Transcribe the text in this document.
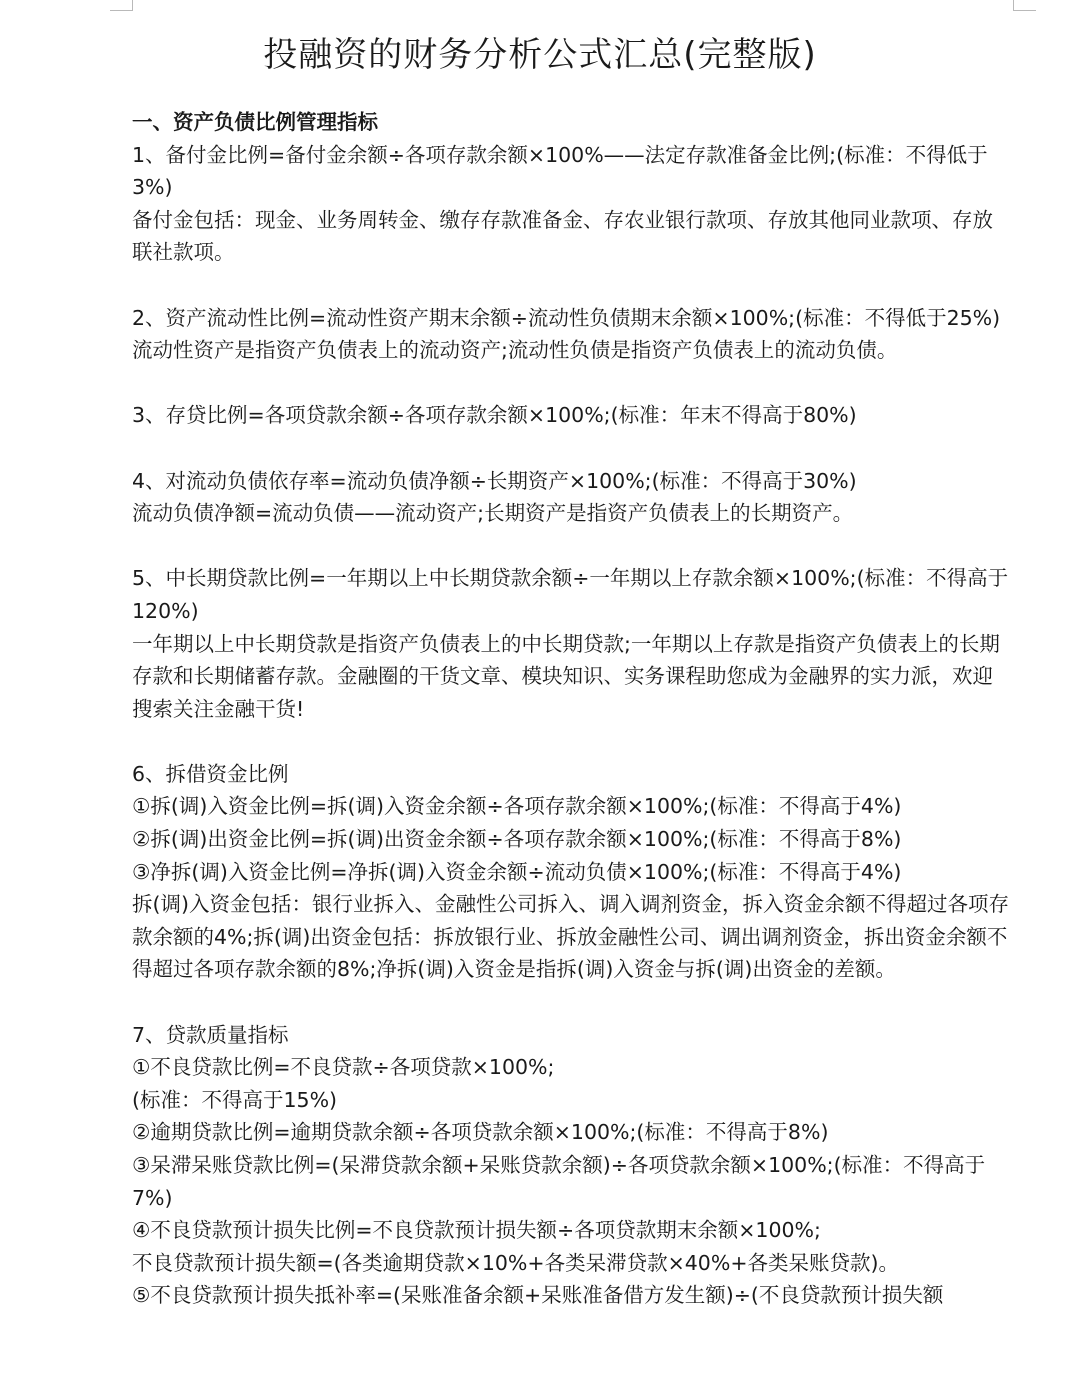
投融资的财务分析公式汇总(完整版)

一、资产负债比例管理指标

1、备付金比例=备付金余额÷各项存款余额×100%——法定存款准备金比例;(标准：不得低于3%)

备付金包括：现金、业务周转金、缴存存款准备金、存农业银行款项、存放其他同业款项、存放联社款项。

2、资产流动性比例=流动性资产期末余额÷流动性负债期末余额×100%;(标准：不得低于25%)

流动性资产是指资产负债表上的流动资产;流动性负债是指资产负债表上的流动负债。

3、存贷比例=各项贷款余额÷各项存款余额×100%;(标准：年末不得高于80%)

4、对流动负债依存率=流动负债净额÷长期资产×100%;(标准：不得高于30%)

流动负债净额=流动负债——流动资产;长期资产是指资产负债表上的长期资产。

5、中长期贷款比例=一年期以上中长期贷款余额÷一年期以上存款余额×100%;(标准：不得高于120%)

一年期以上中长期贷款是指资产负债表上的中长期贷款;一年期以上存款是指资产负债表上的长期存款和长期储蓄存款。金融圈的干货文章、模块知识、实务课程助您成为金融界的实力派，欢迎搜索关注金融干货!

6、拆借资金比例

①拆(调)入资金比例=拆(调)入资金余额÷各项存款余额×100%;(标准：不得高于4%)

②拆(调)出资金比例=拆(调)出资金余额÷各项存款余额×100%;(标准：不得高于8%)

③净拆(调)入资金比例=净拆(调)入资金余额÷流动负债×100%;(标准：不得高于4%)

拆(调)入资金包括：银行业拆入、金融性公司拆入、调入调剂资金，拆入资金余额不得超过各项存款余额的4%;拆(调)出资金包括：拆放银行业、拆放金融性公司、调出调剂资金，拆出资金余额不得超过各项存款余额的8%;净拆(调)入资金是指拆(调)入资金与拆(调)出资金的差额。

7、贷款质量指标

①不良贷款比例=不良贷款÷各项贷款×100%;

(标准：不得高于15%)

②逾期贷款比例=逾期贷款余额÷各项贷款余额×100%;(标准：不得高于8%)

③呆滞呆账贷款比例=(呆滞贷款余额+呆账贷款余额)÷各项贷款余额×100%;(标准：不得高于7%)

④不良贷款预计损失比例=不良贷款预计损失额÷各项贷款期末余额×100%;

不良贷款预计损失额=(各类逾期贷款×10%+各类呆滞贷款×40%+各类呆账贷款)。

⑤不良贷款预计损失抵补率=(呆账准备余额+呆账准备借方发生额)÷(不良贷款预计损失额
